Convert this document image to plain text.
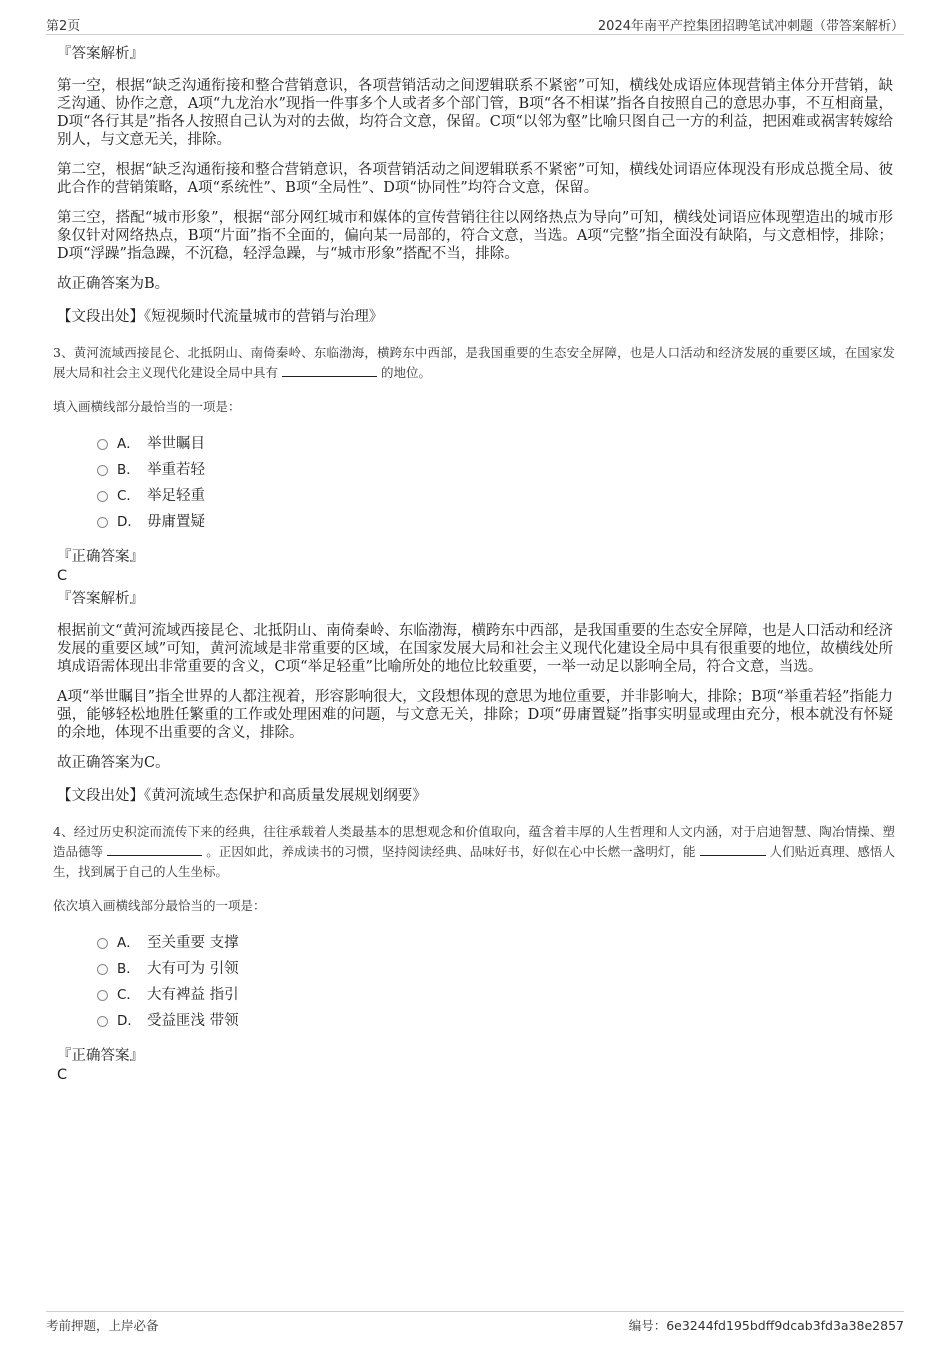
第2页	2024年南平产控集团招聘笔试冲刺题（带答案解析）

『答案解析』

第一空，根据“缺乏沟通衔接和整合营销意识，各项营销活动之间逻辑联系不紧密”可知，横线处成语应体现营销主体分开营销，缺乏沟通、协作之意，A项“九龙治水”现指一件事多个人或者多个部门管，B项“各不相谋”指各自按照自己的意思办事，不互相商量，D项“各行其是”指各人按照自己认为对的去做，均符合文意，保留。C项“以邻为壑”比喻只图自己一方的利益，把困难或祸害转嫁给别人，与文意无关，排除。

第二空，根据“缺乏沟通衔接和整合营销意识，各项营销活动之间逻辑联系不紧密”可知，横线处词语应体现没有形成总揽全局、彼此合作的营销策略，A项“系统性”、B项“全局性”、D项“协同性”均符合文意，保留。

第三空，搭配“城市形象”，根据“部分网红城市和媒体的宣传营销往往以网络热点为导向”可知，横线处词语应体现塑造出的城市形象仅针对网络热点，B项“片面”指不全面的，偏向某一局部的，符合文意，当选。A项“完整”指全面没有缺陷，与文意相悖，排除；D项“浮躁”指急躁，不沉稳，轻浮急躁，与“城市形象”搭配不当，排除。

故正确答案为B。

【文段出处】《短视频时代流量城市的营销与治理》

3、黄河流域西接昆仑、北抵阴山、南倚秦岭、东临渤海，横跨东中西部，是我国重要的生态安全屏障，也是人口活动和经济发展的重要区域，在国家发展大局和社会主义现代化建设全局中具有	的地位。

填入画横线部分最恰当的一项是：

A． 举世瞩目
B． 举重若轻
C． 举足轻重
D． 毋庸置疑

『正确答案』

C

『答案解析』

根据前文“黄河流域西接昆仑、北抵阴山、南倚秦岭、东临渤海，横跨东中西部，是我国重要的生态安全屏障，也是人口活动和经济发展的重要区域”可知，黄河流域是非常重要的区域，在国家发展大局和社会主义现代化建设全局中具有很重要的地位，故横线处所填成语需体现出非常重要的含义，C项“举足轻重”比喻所处的地位比较重要，一举一动足以影响全局，符合文意，当选。

A项“举世瞩目”指全世界的人都注视着，形容影响很大，文段想体现的意思为地位重要，并非影响大，排除；B项“举重若轻”指能力强，能够轻松地胜任繁重的工作或处理困难的问题，与文意无关，排除；D项“毋庸置疑”指事实明显或理由充分，根本就没有怀疑的余地，体现不出重要的含义，排除。

故正确答案为C。

【文段出处】《黄河流域生态保护和高质量发展规划纲要》

4、经过历史积淀而流传下来的经典，往往承载着人类最基本的思想观念和价值取向，蕴含着丰厚的人生哲理和人文内涵，对于启迪智慧、陶冶情操、塑造品德等	。正因如此，养成读书的习惯，坚持阅读经典、品味好书，好似在心中长燃一盏明灯，能	人们贴近真理、感悟人生，找到属于自己的人生坐标。

依次填入画横线部分最恰当的一项是：

A． 至关重要 支撑
B． 大有可为 引领
C． 大有裨益 指引
D． 受益匪浅 带领

『正确答案』

C

考前押题，上岸必备	编号：6e3244fd195bdff9dcab3fd3a38e2857
